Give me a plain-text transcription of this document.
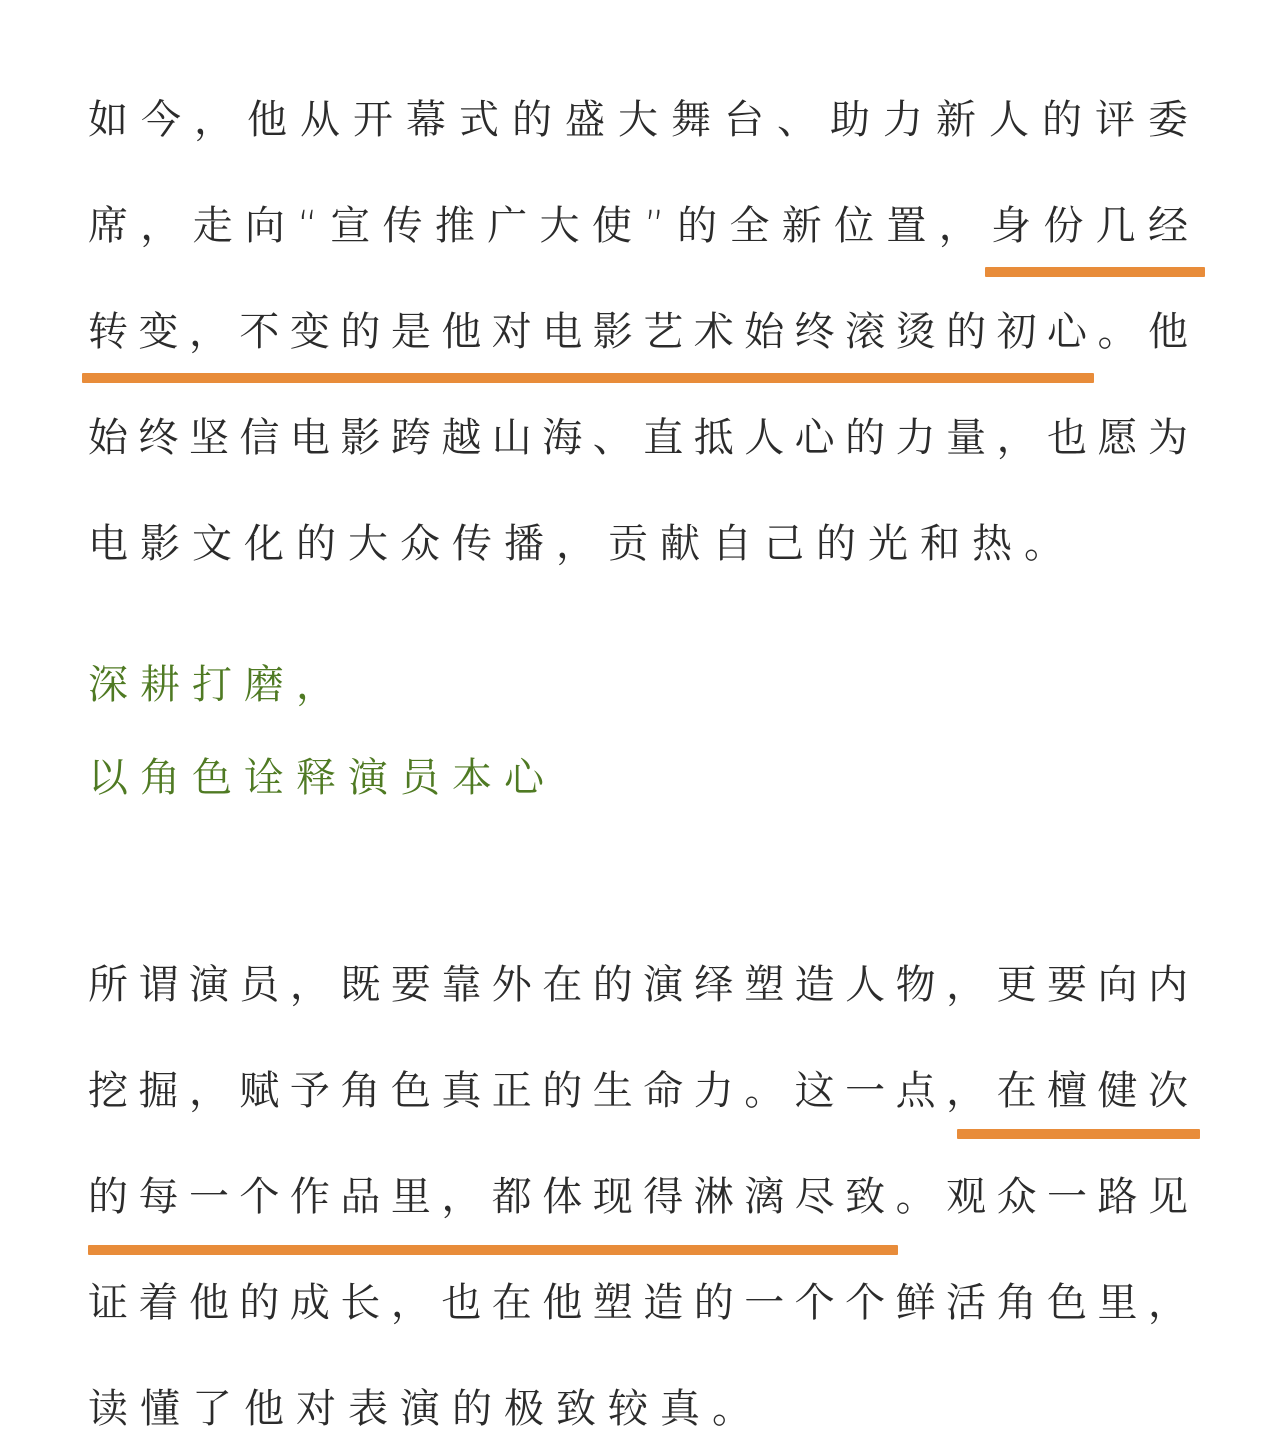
如今，他从开幕式的盛大舞台、助力新人的评委
席，走向“宣传推广大使”的全新位置，身份几经
转变，不变的是他对电影艺术始终滚烫的初心。他
始终坚信电影跨越山海、直抵人心的力量，也愿为
电影文化的大众传播，贡献自己的光和热。
深耕打磨，
以角色诠释演员本心
所谓演员，既要靠外在的演绎塑造人物，更要向内
挖掘，赋予角色真正的生命力。这一点，在檀健次
的每一个作品里，都体现得淋漓尽致。观众一路见
证着他的成长，也在他塑造的一个个鲜活角色里，
读懂了他对表演的极致较真。
